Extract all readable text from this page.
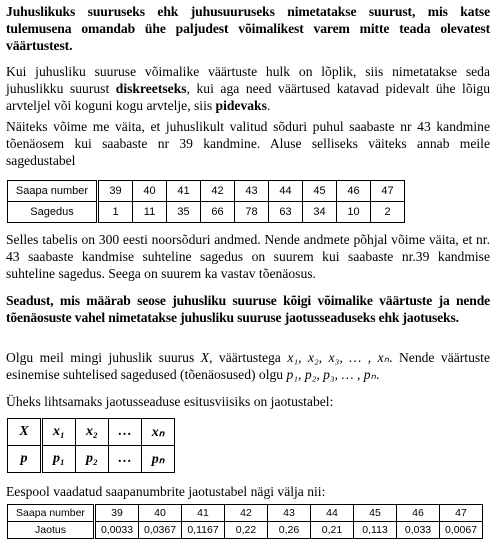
Juhuslikuks suuruseks ehk juhusuuruseks nimetatakse suurust, mis katse tulemusena omandab ühe paljudest võimalikest varem mitte teada olevatest väärtustest.

Kui juhusliku suuruse võimalike väärtuste hulk on lõplik, siis nimetatakse seda juhuslikku suurust diskreetseks, kui aga need väärtused katavad pidevalt ühe lõigu arvteljel või koguni kogu arvtelje, siis pidevaks.

Näiteks võime me väita, et juhuslikult valitud sõduri puhul saabaste nr 43 kandmine tõenäosem kui saabaste nr 39 kandmine. Aluse selliseks väiteks annab meile sagedustabel

Saapa number	39	40	41	42	43	44	45	46	47
Sagedus	1	11	35	66	78	63	34	10	2

Selles tabelis on 300 eesti noorsõduri andmed. Nende andmete põhjal võime väita, et nr. 43 saabaste kandmise suhteline sagedus on suurem kui saabaste nr.39 kandmise suhteline sagedus. Seega on suurem ka vastav tõenäosus.

Seadust, mis määrab seose juhusliku suuruse kõigi võimalike väärtuste ja nende tõenäosuste vahel nimetatakse juhusliku suuruse jaotusseaduseks ehk jaotuseks.

Olgu meil mingi juhuslik suurus X, väärtustega x₁, x₂, x₃, … , xₙ. Nende väärtuste esinemise suhtelised sagedused (tõenäosused) olgu p₁, p₂, p₃, … , pₙ.

Üheks lihtsamaks jaotusseaduse esitusviisiks on jaotustabel:

X	x₁	x₂	…	xₙ
p	p₁	p₂	…	pₙ

Eespool vaadatud saapanumbrite jaotustabel nägi välja nii:

Saapa number	39	40	41	42	43	44	45	46	47
Jaotus	0,0033	0,0367	0,1167	0,22	0,26	0,21	0,113	0,033	0,0067
